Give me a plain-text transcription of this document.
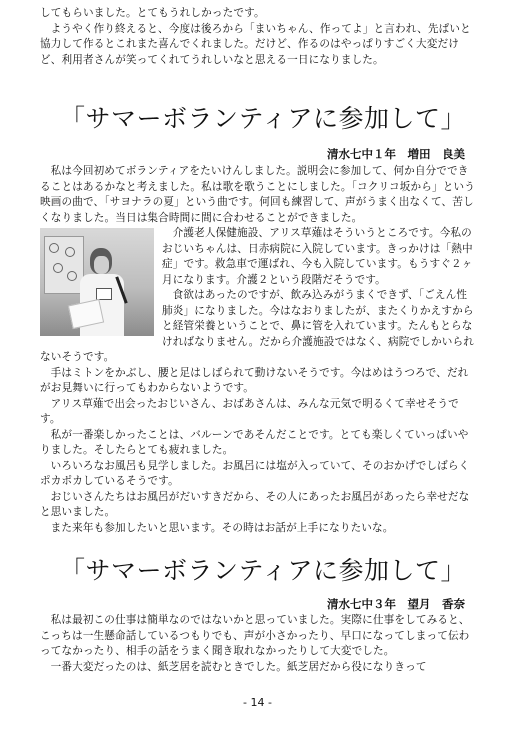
してもらいました。とてもうれしかったです。

ようやく作り終えると、今度は後ろから「まいちゃん、作ってよ」と言われ、先ぱいと協力して作るとこれまた喜んでくれました。だけど、作るのはやっぱりすごく大変だけど、利用者さんが笑ってくれてうれしいなと思える一日になりました。

「サマーボランティアに参加して」

清水七中１年　増田　良美

私は今回初めてボランティアをたいけんしました。説明会に参加して、何か自分でできることはあるかなと考えました。私は歌を歌うことにしました。「コクリコ坂から」という映画の曲で、「サヨナラの夏」という曲です。何回も練習して、声がうまく出なくて、苦しくなりました。当日は集合時間に間に合わせることができました。

介護老人保健施設、アリス草薙はそういうところです。今私のおじいちゃんは、日赤病院に入院しています。きっかけは「熱中症」です。救急車で運ばれ、今も入院しています。もうすぐ２ヶ月になります。介護２という段階だそうです。

食欲はあったのですが、飲み込みがうまくできず、「ごえん性肺炎」になりました。今はなおりましたが、またくりかえすからと経管栄養ということで、鼻に管を入れています。たんもとらなければなりません。だから介護施設ではなく、病院でしかいられないそうです。

手はミトンをかぶし、腰と足はしばられて動けないそうです。今はめはうつろで、だれがお見舞いに行ってもわからないようです。

アリス草薙で出会ったおじいさん、おばあさんは、みんな元気で明るくて幸せそうです。

私が一番楽しかったことは、バルーンであそんだことです。とても楽しくていっぱいやりました。そしたらとても疲れました。

いろいろなお風呂も見学しました。お風呂には塩が入っていて、そのおかげでしばらくポカポカしているそうです。

おじいさんたちはお風呂がだいすきだから、その人にあったお風呂があったら幸せだなと思いました。

また来年も参加したいと思います。その時はお話が上手になりたいな。

「サマーボランティアに参加して」

清水七中３年　望月　香奈

私は最初この仕事は簡単なのではないかと思っていました。実際に仕事をしてみると、こっちは一生懸命話しているつもりでも、声が小さかったり、早口になってしまって伝わってなかったり、相手の話をうまく聞き取れなかったりして大変でした。

一番大変だったのは、紙芝居を読むときでした。紙芝居だから役になりきって

- 14 -
